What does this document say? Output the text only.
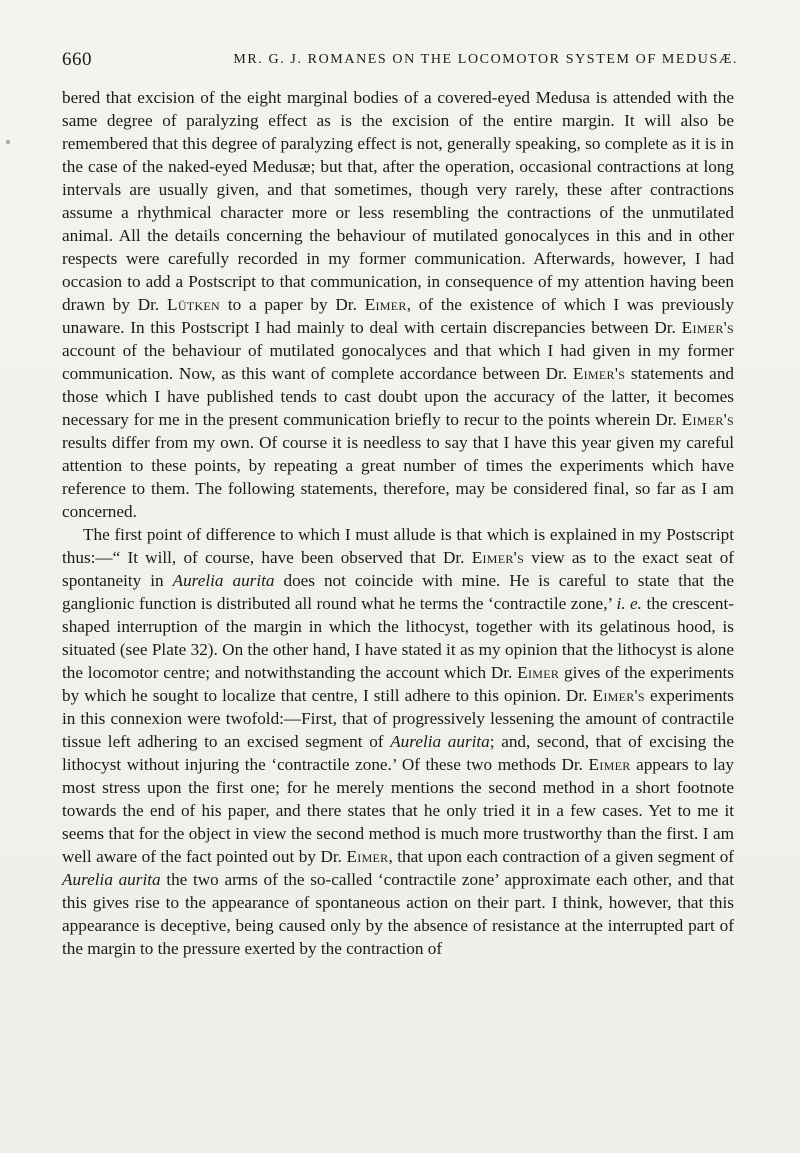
660	MR. G. J. ROMANES ON THE LOCOMOTOR SYSTEM OF MEDUSÆ.

bered that excision of the eight marginal bodies of a covered-eyed Medusa is attended with the same degree of paralyzing effect as is the excision of the entire margin. It will also be remembered that this degree of paralyzing effect is not, generally speaking, so complete as it is in the case of the naked-eyed Medusæ; but that, after the operation, occasional contractions at long intervals are usually given, and that sometimes, though very rarely, these after contractions assume a rhythmical character more or less resembling the contractions of the unmutilated animal. All the details concerning the behaviour of mutilated gonocalyces in this and in other respects were carefully recorded in my former communication. Afterwards, however, I had occasion to add a Postscript to that communication, in consequence of my attention having been drawn by Dr. Lütken to a paper by Dr. Eimer, of the existence of which I was previously unaware. In this Postscript I had mainly to deal with certain discrepancies between Dr. Eimer's account of the behaviour of mutilated gonocalyces and that which I had given in my former communication. Now, as this want of complete accordance between Dr. Eimer's statements and those which I have published tends to cast doubt upon the accuracy of the latter, it becomes necessary for me in the present communication briefly to recur to the points wherein Dr. Eimer's results differ from my own. Of course it is needless to say that I have this year given my careful attention to these points, by repeating a great number of times the experiments which have reference to them. The following statements, therefore, may be considered final, so far as I am concerned.

The first point of difference to which I must allude is that which is explained in my Postscript thus:—“ It will, of course, have been observed that Dr. Eimer's view as to the exact seat of spontaneity in Aurelia aurita does not coincide with mine. He is careful to state that the ganglionic function is distributed all round what he terms the ‘contractile zone,’ i. e. the crescent-shaped interruption of the margin in which the lithocyst, together with its gelatinous hood, is situated (see Plate 32). On the other hand, I have stated it as my opinion that the lithocyst is alone the locomotor centre; and notwithstanding the account which Dr. Eimer gives of the experiments by which he sought to localize that centre, I still adhere to this opinion. Dr. Eimer's experiments in this connexion were twofold:—First, that of progressively lessening the amount of contractile tissue left adhering to an excised segment of Aurelia aurita; and, second, that of excising the lithocyst without injuring the ‘contractile zone.’ Of these two methods Dr. Eimer appears to lay most stress upon the first one; for he merely mentions the second method in a short footnote towards the end of his paper, and there states that he only tried it in a few cases. Yet to me it seems that for the object in view the second method is much more trustworthy than the first. I am well aware of the fact pointed out by Dr. Eimer, that upon each contraction of a given segment of Aurelia aurita the two arms of the so-called ‘contractile zone’ approximate each other, and that this gives rise to the appearance of spontaneous action on their part. I think, however, that this appearance is deceptive, being caused only by the absence of resistance at the interrupted part of the margin to the pressure exerted by the contraction of
